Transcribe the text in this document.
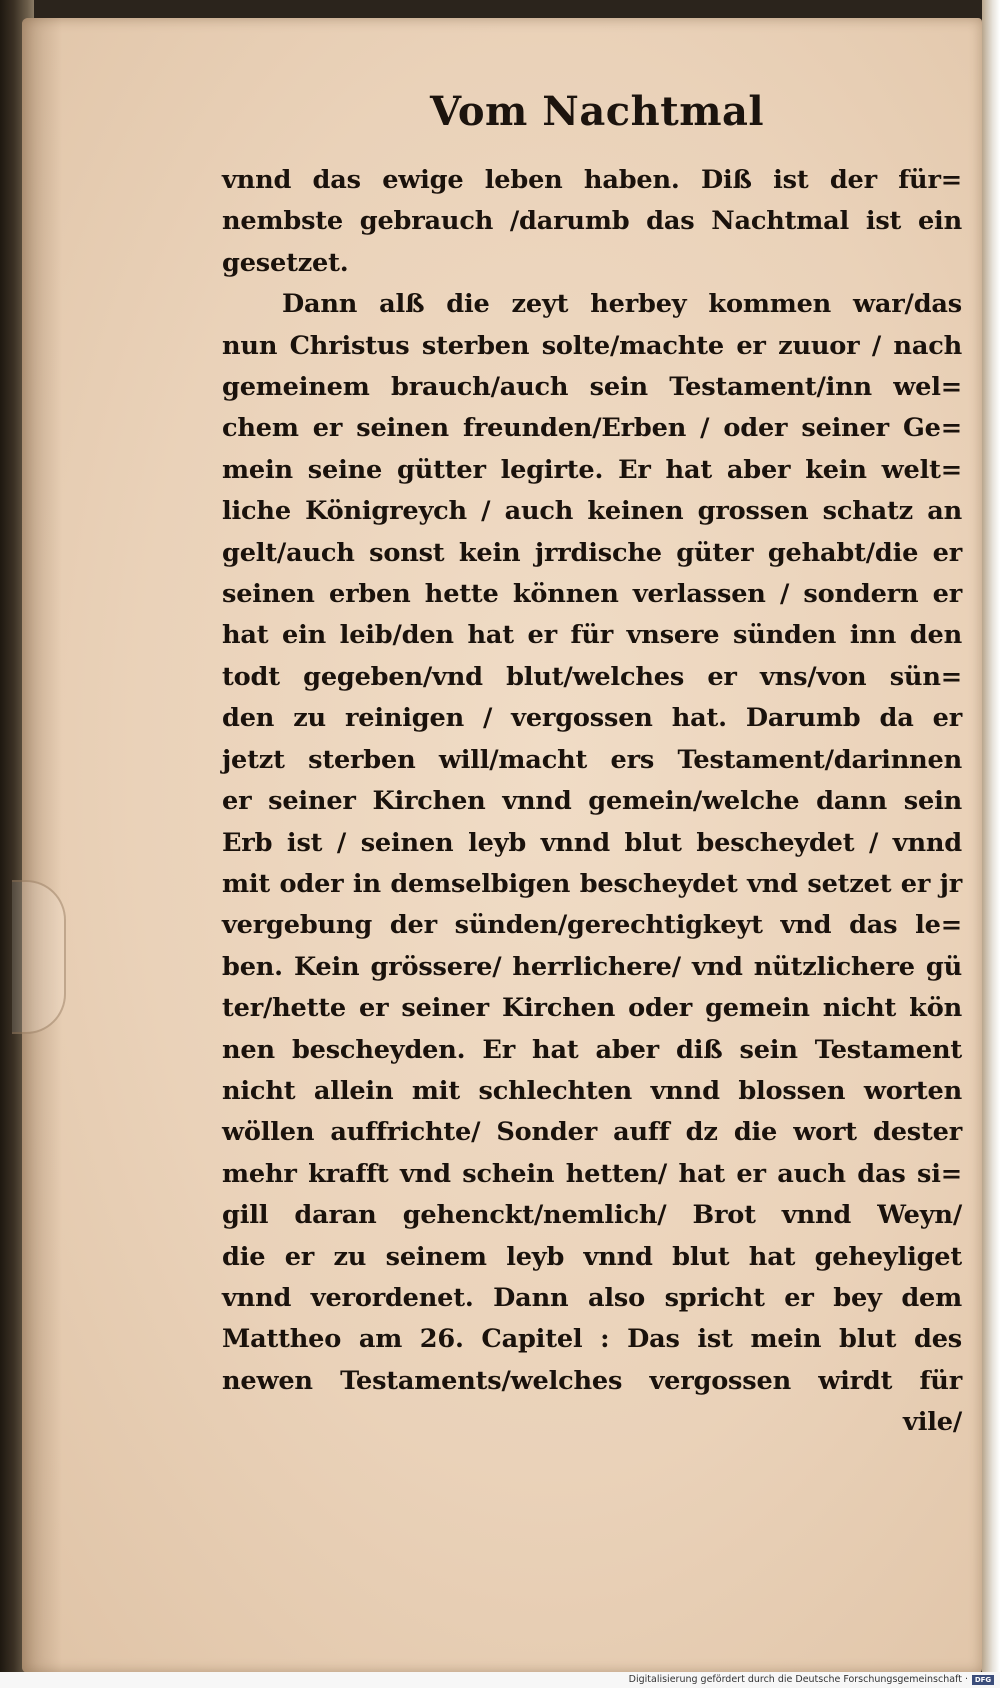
Vom Nachtmal
vnnd das ewige leben haben. Diß ist der für=
nembste gebrauch /darumb das Nachtmal ist ein
gesetzet.
Dann alß die zeyt herbey kommen war/das
nun Christus sterben solte/machte er zuuor / nach
gemeinem brauch/auch sein Testament/inn wel=
chem er seinen freunden/Erben / oder seiner Ge=
mein seine gütter legirte. Er hat aber kein welt=
liche Königreych / auch keinen grossen schatz an
gelt/auch sonst kein jrrdische güter gehabt/die er
seinen erben hette können verlassen / sondern er
hat ein leib/den hat er für vnsere sünden inn den
todt gegeben/vnd blut/welches er vns/von sün=
den zu reinigen / vergossen hat. Darumb da er
jetzt sterben will/macht ers Testament/darinnen
er seiner Kirchen vnnd gemein/welche dann sein
Erb ist / seinen leyb vnnd blut bescheydet / vnnd
mit oder in demselbigen bescheydet vnd setzet er jr
vergebung der sünden/gerechtigkeyt vnd das le=
ben. Kein grössere/ herrlichere/ vnd nützlichere gü
ter/hette er seiner Kirchen oder gemein nicht kön
nen bescheyden. Er hat aber diß sein Testament
nicht allein mit schlechten vnnd blossen worten
wöllen auffrichte/ Sonder auff dz die wort dester
mehr krafft vnd schein hetten/ hat er auch das si=
gill daran gehenckt/nemlich/ Brot vnnd Weyn/
die er zu seinem leyb vnnd blut hat geheyliget
vnnd verordenet. Dann also spricht er bey dem
Mattheo am 26. Capitel : Das ist mein blut des
newen Testaments/welches vergossen wirdt für
vile/
Digitalisierung gefördert durch die Deutsche Forschungsgemeinschaft · DFG
